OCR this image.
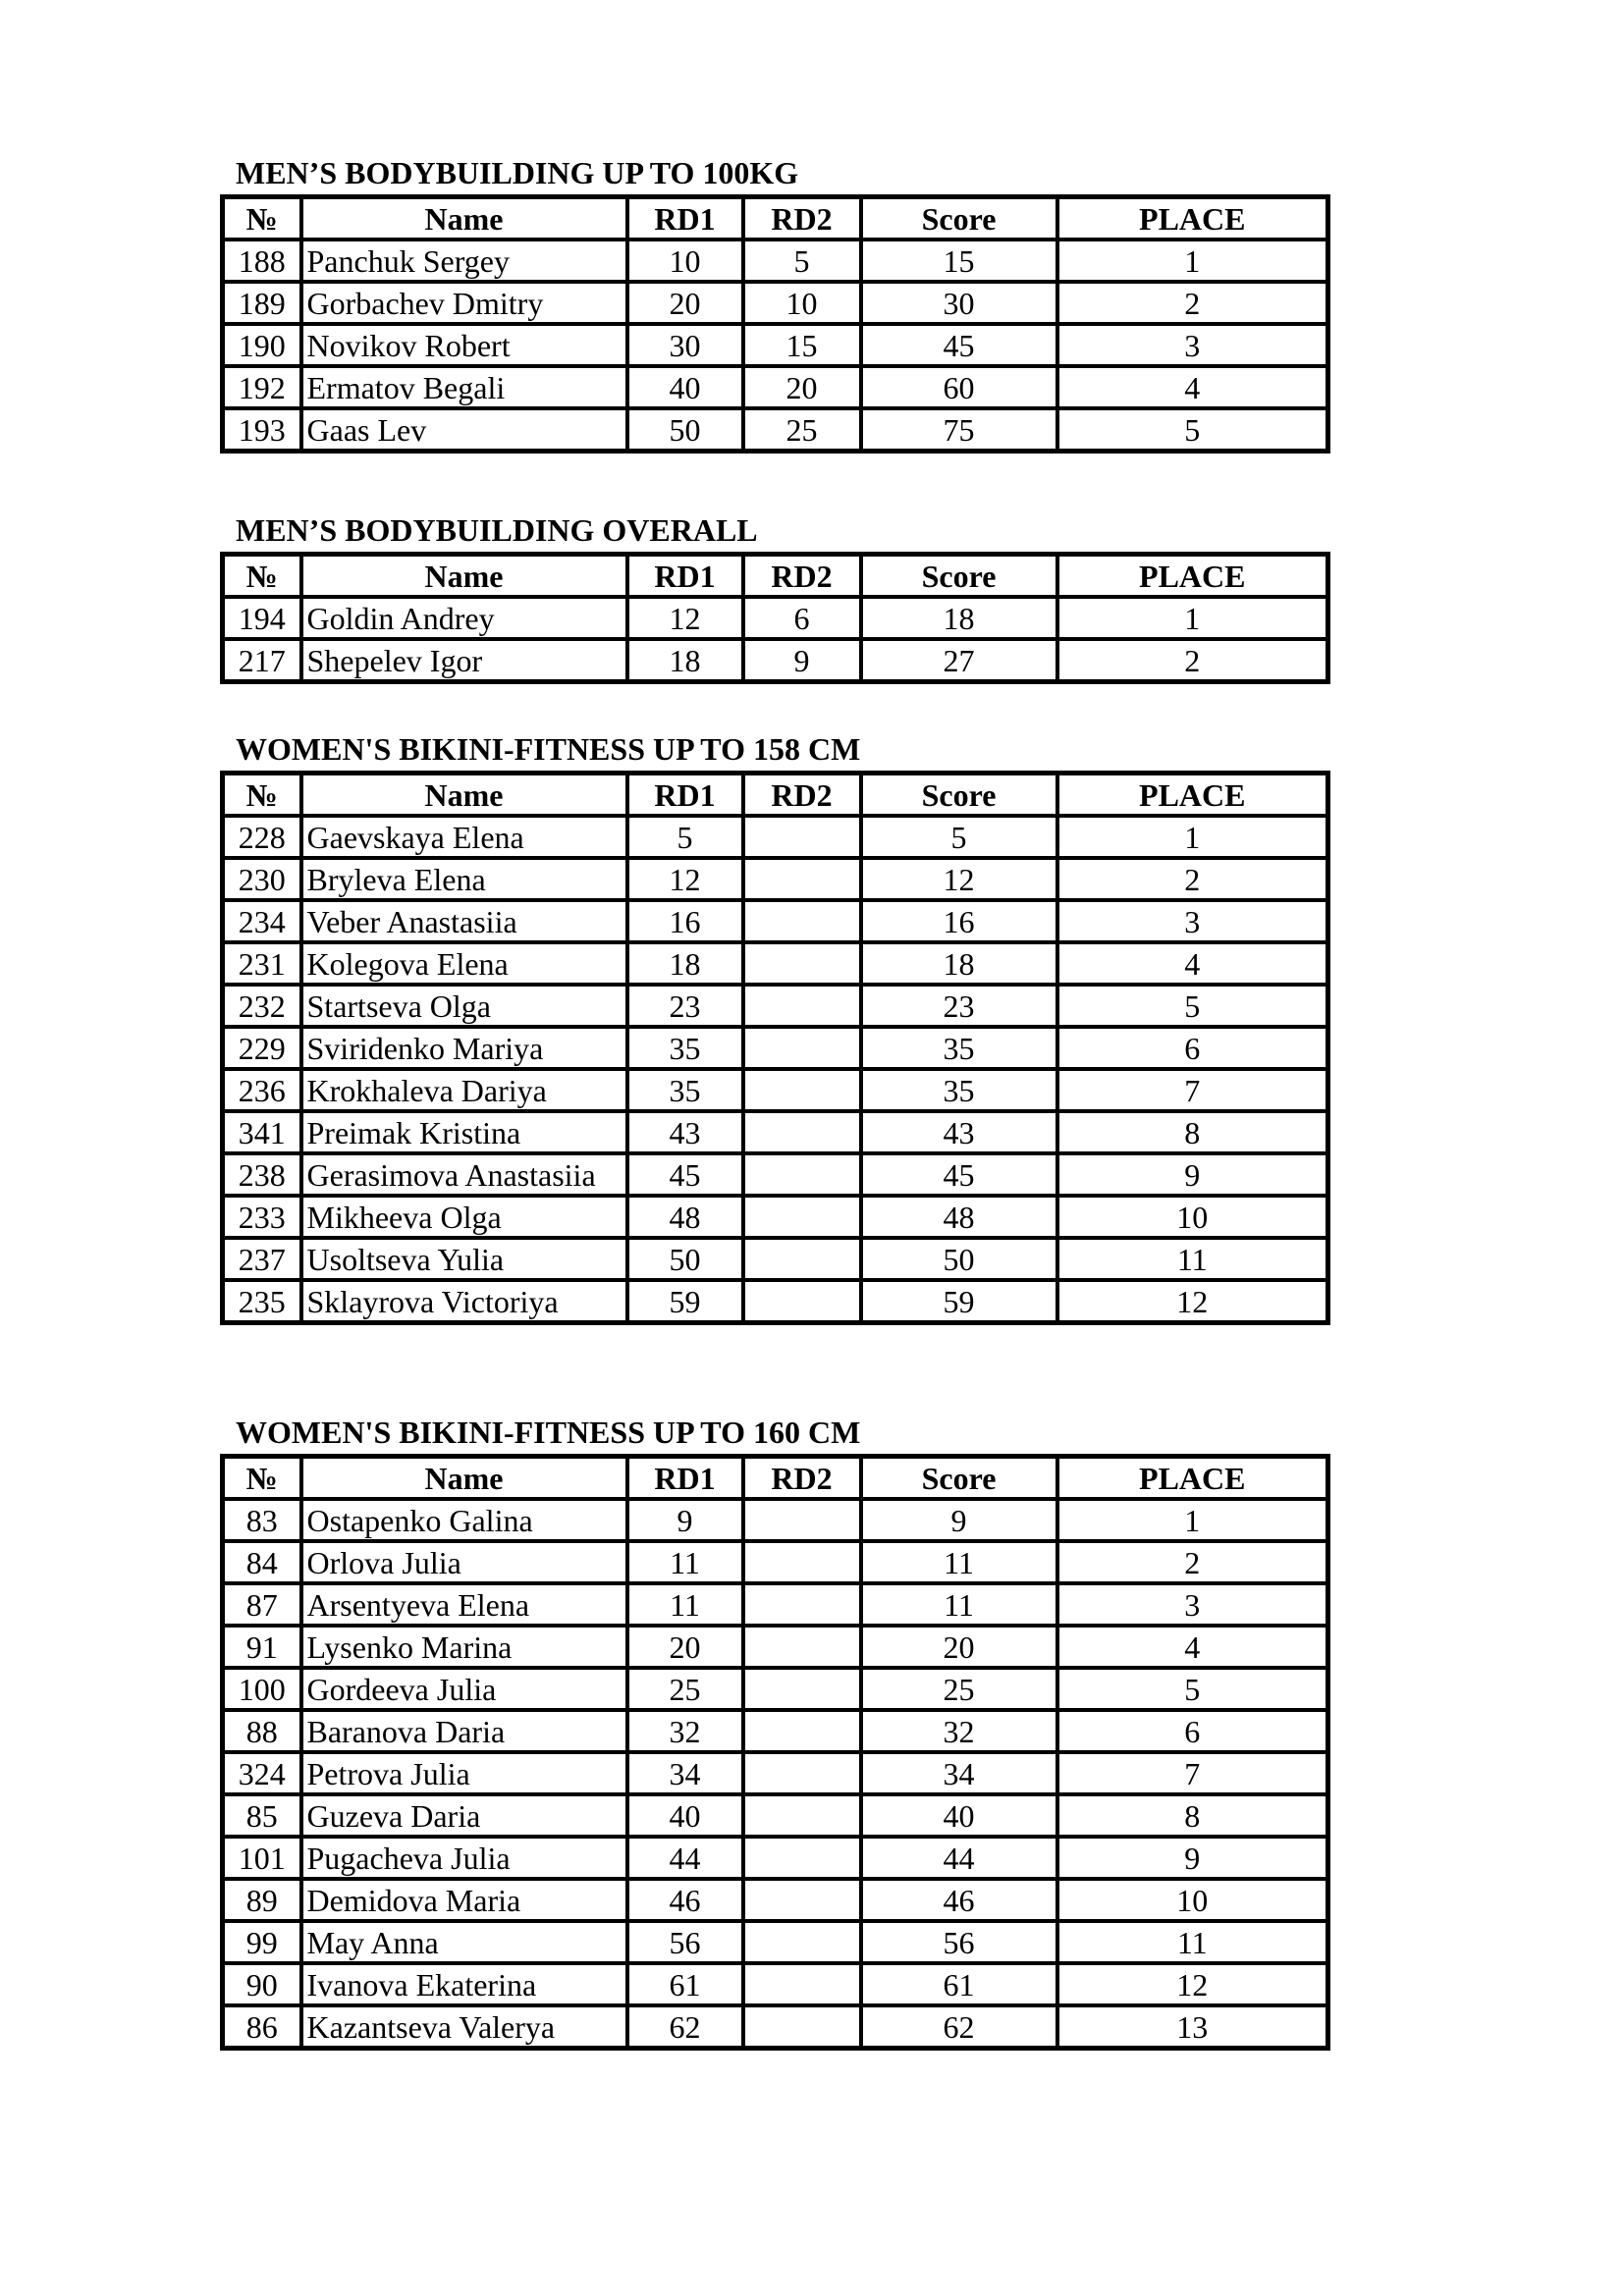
MEN’S BODYBUILDING UP TO 100KG
№	Name	RD1	RD2	Score	PLACE
188	Panchuk Sergey	10	5	15	1
189	Gorbachev Dmitry	20	10	30	2
190	Novikov Robert	30	15	45	3
192	Ermatov Begali	40	20	60	4
193	Gaas Lev	50	25	75	5
MEN’S BODYBUILDING OVERALL
№	Name	RD1	RD2	Score	PLACE
194	Goldin Andrey	12	6	18	1
217	Shepelev Igor	18	9	27	2
WOMEN'S BIKINI-FITNESS UP TO 158 CM
№	Name	RD1	RD2	Score	PLACE
228	Gaevskaya Elena	5		5	1
230	Bryleva Elena	12		12	2
234	Veber Anastasiia	16		16	3
231	Kolegova Elena	18		18	4
232	Startseva Olga	23		23	5
229	Sviridenko Mariya	35		35	6
236	Krokhaleva Dariya	35		35	7
341	Preimak Kristina	43		43	8
238	Gerasimova Anastasiia	45		45	9
233	Mikheeva Olga	48		48	10
237	Usoltseva Yulia	50		50	11
235	Sklayrova Victoriya	59		59	12
WOMEN'S BIKINI-FITNESS UP TO 160 CM
№	Name	RD1	RD2	Score	PLACE
83	Ostapenko Galina	9		9	1
84	Orlova Julia	11		11	2
87	Arsentyeva Elena	11		11	3
91	Lysenko Marina	20		20	4
100	Gordeeva Julia	25		25	5
88	Baranova Daria	32		32	6
324	Petrova Julia	34		34	7
85	Guzeva Daria	40		40	8
101	Pugacheva Julia	44		44	9
89	Demidova Maria	46		46	10
99	May Anna	56		56	11
90	Ivanova Ekaterina	61		61	12
86	Kazantseva Valerya	62		62	13
